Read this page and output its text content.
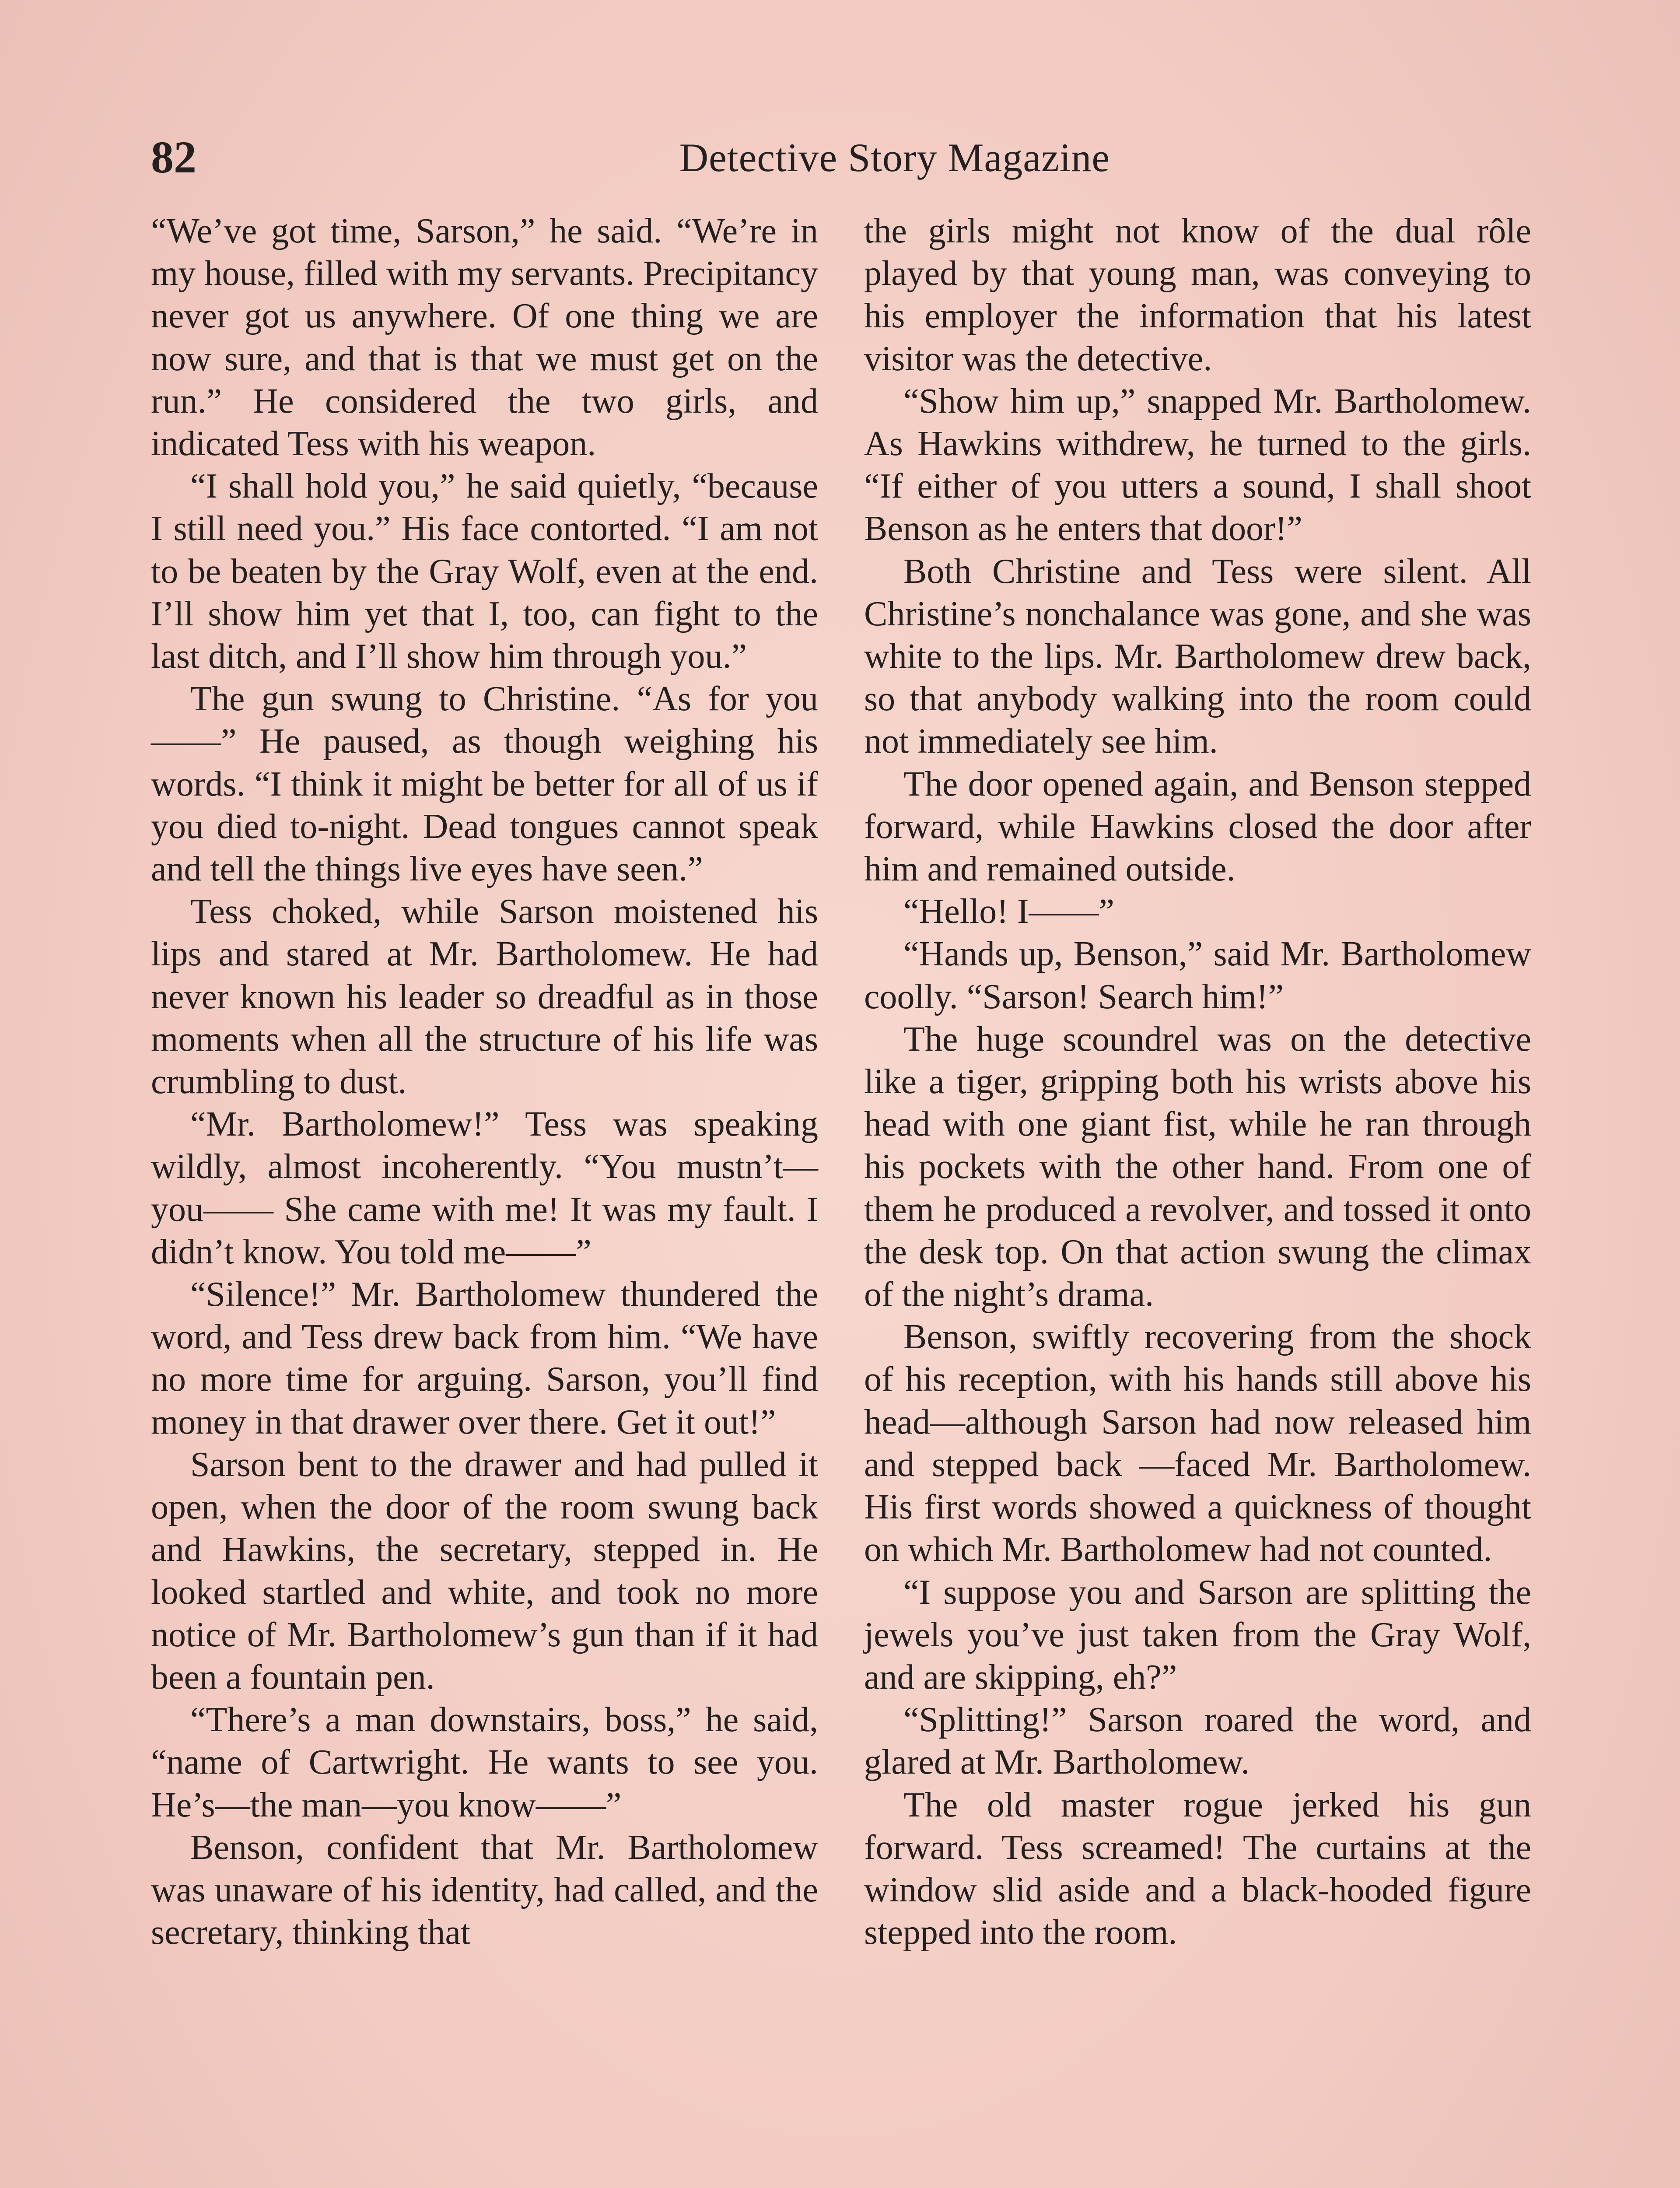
82	Detective Story Magazine

“We’ve got time, Sarson,” he said. “We’re in my house, filled with my servants. Precipitancy never got us anywhere. Of one thing we are now sure, and that is that we must get on the run.” He considered the two girls, and indicated Tess with his weapon.

“I shall hold you,” he said quietly, “because I still need you.” His face contorted. “I am not to be beaten by the Gray Wolf, even at the end. I’ll show him yet that I, too, can fight to the last ditch, and I’ll show him through you.”

The gun swung to Christine. “As for you——” He paused, as though weighing his words. “I think it might be better for all of us if you died to-night. Dead tongues cannot speak and tell the things live eyes have seen.”

Tess choked, while Sarson moistened his lips and stared at Mr. Bartholomew. He had never known his leader so dreadful as in those moments when all the structure of his life was crumbling to dust.

“Mr. Bartholomew!” Tess was speaking wildly, almost incoherently. “You mustn’t—you—— She came with me! It was my fault. I didn’t know. You told me——”

“Silence!” Mr. Bartholomew thundered the word, and Tess drew back from him. “We have no more time for arguing. Sarson, you’ll find money in that drawer over there. Get it out!”

Sarson bent to the drawer and had pulled it open, when the door of the room swung back and Hawkins, the secretary, stepped in. He looked startled and white, and took no more notice of Mr. Bartholomew’s gun than if it had been a fountain pen.

“There’s a man downstairs, boss,” he said, “name of Cartwright. He wants to see you. He’s—the man—you know——”

Benson, confident that Mr. Bartholomew was unaware of his identity, had called, and the secretary, thinking that

the girls might not know of the dual rôle played by that young man, was conveying to his employer the information that his latest visitor was the detective.

“Show him up,” snapped Mr. Bartholomew. As Hawkins withdrew, he turned to the girls. “If either of you utters a sound, I shall shoot Benson as he enters that door!”

Both Christine and Tess were silent. All Christine’s nonchalance was gone, and she was white to the lips. Mr. Bartholomew drew back, so that anybody walking into the room could not immediately see him.

The door opened again, and Benson stepped forward, while Hawkins closed the door after him and remained outside.

“Hello! I——”

“Hands up, Benson,” said Mr. Bartholomew coolly. “Sarson! Search him!”

The huge scoundrel was on the detective like a tiger, gripping both his wrists above his head with one giant fist, while he ran through his pockets with the other hand. From one of them he produced a revolver, and tossed it onto the desk top. On that action swung the climax of the night’s drama.

Benson, swiftly recovering from the shock of his reception, with his hands still above his head—although Sarson had now released him and stepped back —faced Mr. Bartholomew. His first words showed a quickness of thought on which Mr. Bartholomew had not counted.

“I suppose you and Sarson are splitting the jewels you’ve just taken from the Gray Wolf, and are skipping, eh?”

“Splitting!” Sarson roared the word, and glared at Mr. Bartholomew.

The old master rogue jerked his gun forward. Tess screamed! The curtains at the window slid aside and a black-hooded figure stepped into the room.
